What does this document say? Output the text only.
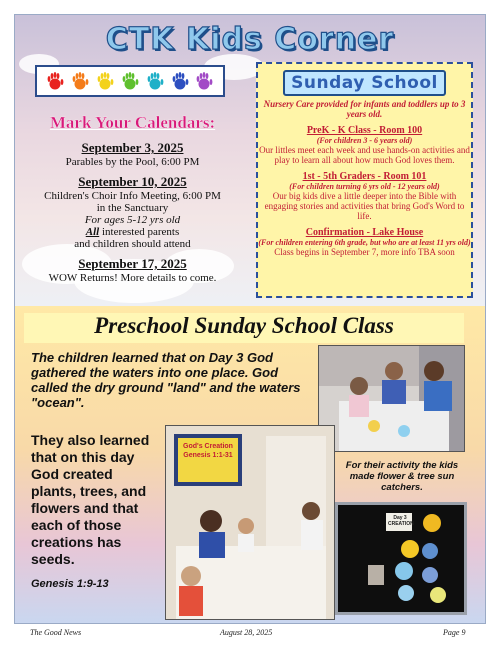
CTK Kids Corner
Mark Your Calendars:
September 3, 2025
Parables by the Pool, 6:00 PM
September 10, 2025
Children's Choir Info Meeting, 6:00 PM
in the Sanctuary
For ages 5-12 yrs old
All interested parents
and children should attend
September 17, 2025
WOW Returns! More details to come.
Sunday School
Nursery Care provided for infants and toddlers up to 3 years old.
PreK - K Class - Room 100
(For children 3 - 6 years old)
Our littles meet each week and use hands-on activities and play to learn all about how much God loves them.
1st - 5th Graders - Room 101
(For children turning 6 yrs old - 12 years old)
Our big kids dive a little deeper into the Bible with engaging stories and activities that bring God's Word to life.
Confirmation - Lake House
(For children entering 6th grade, but who are at least 11 yrs old)
Class begins in September 7, more info TBA soon
Preschool Sunday School Class
The children learned that on Day 3 God gathered the waters into one place. God called the dry ground "land" and the waters "ocean".
They also learned that on this day God created plants, trees, and flowers and that each of those creations has seeds.
Genesis 1:9-13
God's Creation
Genesis 1:1-31
For their activity the kids made flower & tree sun catchers.
Day 3 CREATION
The Good News	August 28, 2025	Page 9
